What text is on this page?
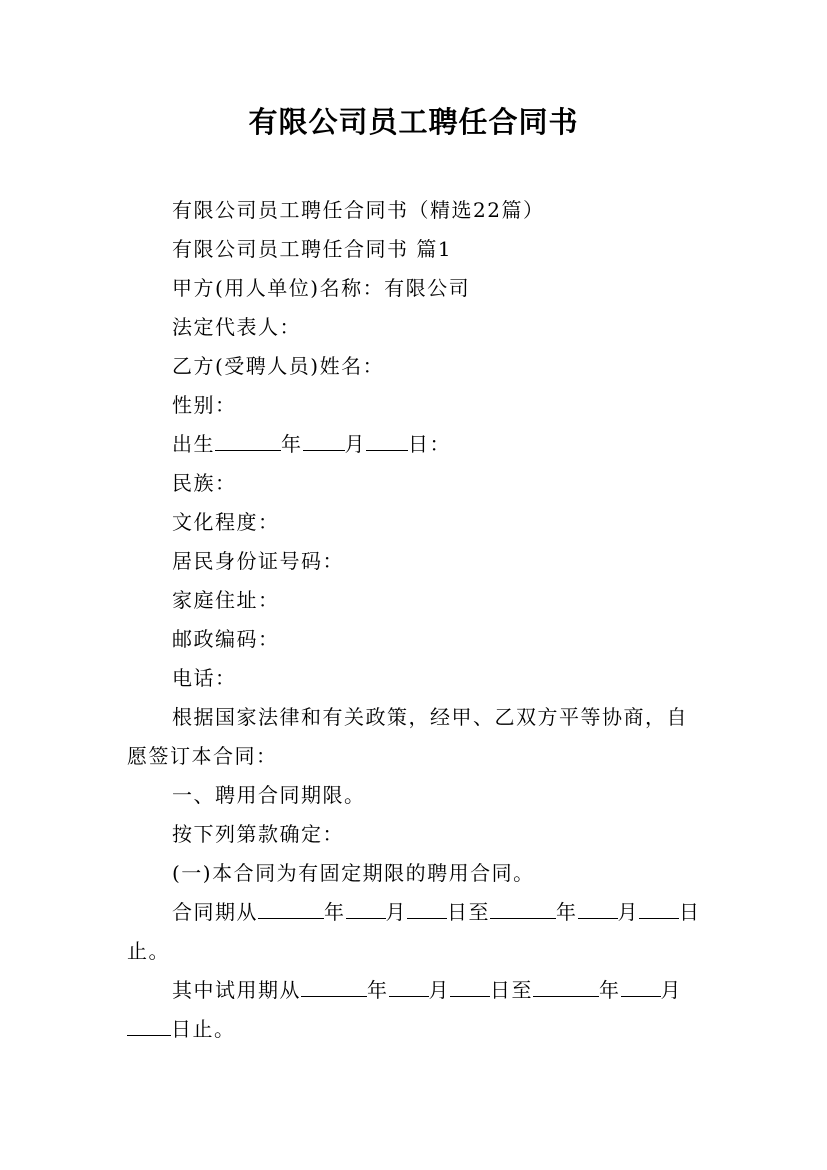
有限公司员工聘任合同书

有限公司员工聘任合同书（精选22篇）

有限公司员工聘任合同书 篇1

甲方(用人单位)名称：有限公司

法定代表人：

乙方(受聘人员)姓名：

性别：

出生	年 月 日：

民族：

文化程度：

居民身份证号码：

家庭住址：

邮政编码：

电话：

根据国家法律和有关政策，经甲、乙双方平等协商，自愿签订本合同：

一、聘用合同期限。

按下列第款确定：

(一)本合同为有固定期限的聘用合同。

合同期从	年 月 日至	年 月 日止。

其中试用期从	年 月 日至	年 月日止。
